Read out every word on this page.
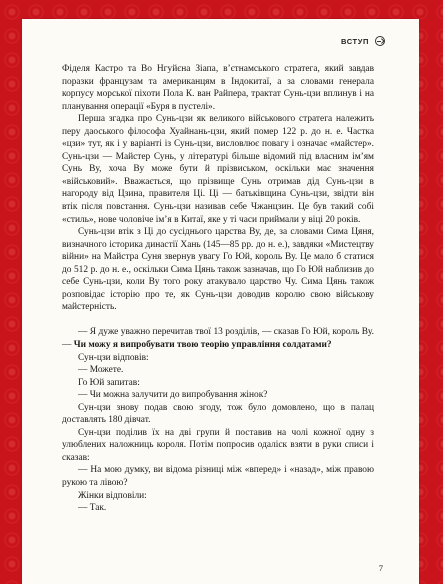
ВСТУП

Фіделя Кастро та Во Нгуйєна Зіапа, в’єтнамського стратега, який завдав поразки французам та американцям в Індокитаї, а за словами генерала корпусу морської піхоти Пола К. ван Райпера, трактат Сунь-цзи вплинув і на планування операції «Буря в пустелі».

Перша згадка про Сунь-цзи як великого військового стратега належить перу даоського філософа Хуайнань-цзи, який помер 122 р. до н. е. Частка «цзи» тут, як і у варіанті із Сунь-цзи, висловлює повагу і означає «майстер». Сунь-цзи — Майстер Сунь, у літературі більше відомий під власним ім’ям Сунь Ву, хоча Ву може бути й прізвиськом, оскільки має значення «військовий». Вважається, що прізвище Сунь отримав дід Сунь-цзи в нагороду від Цзина, правителя Ці. Ці — батьківщина Сунь-цзи, звідти він втік після повстання. Сунь-цзи називав себе Чжанцзин. Це був такий собі «стиль», нове чоловіче ім’я в Китаї, яке у ті часи приймали у віці 20 років.

Сунь-цзи втік з Ці до сусіднього царства Ву, де, за словами Сима Цяня, визначного історика династії Хань (145—85 рр. до н. е.), завдяки «Мистецтву війни» на Майстра Суня звернув увагу Го Юй, король Ву. Це мало б статися до 512 р. до н. е., оскільки Сима Цянь також зазначав, що Го Юй наблизив до себе Сунь-цзи, коли Ву того року атакувало царство Чу. Сима Цянь також розповідає історію про те, як Сунь-цзи доводив королю свою військову майстерність.

— Я дуже уважно перечитав твої 13 розділів, — сказав Го Юй, король Ву. — Чи можу я випробувати твою теорію управління солдатами?

Сун-цзи відповів:

— Можете.

Го Юй запитав:

— Чи можна залучити до випробування жінок?

Сун-цзи знову подав свою згоду, тож було домовлено, що в палац доставлять 180 дівчат.

Сун-цзи поділив їх на дві групи й поставив на чолі кожної одну з улюблених наложниць короля. Потім попросив одаліск взяти в руки списи і сказав:

— На мою думку, ви відома різниці між «вперед» і «назад», між правою рукою та лівою?

Жінки відповіли:

— Так.

7
